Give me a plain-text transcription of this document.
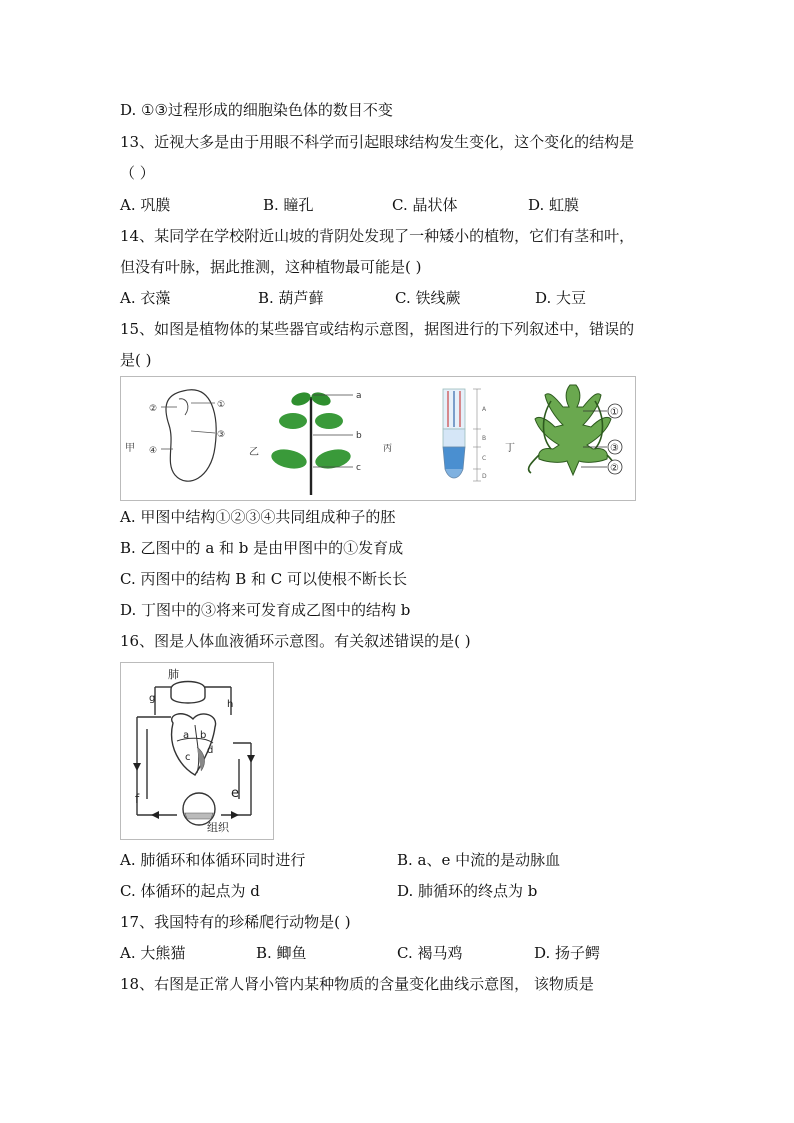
D. ①③过程形成的细胞染色体的数目不变
13、近视大多是由于用眼不科学而引起眼球结构发生变化，这个变化的结构是
（ ）
A. 巩膜	B. 瞳孔	C. 晶状体	D. 虹膜
14、某同学在学校附近山坡的背阴处发现了一种矮小的植物，它们有茎和叶，
但没有叶脉，据此推测，这种植物最可能是( )
A. 衣藻	B. 葫芦藓	C. 铁线蕨	D. 大豆
15、如图是植物体的某些器官或结构示意图，据图进行的下列叙述中，错误的
是( )
甲
①
②
③
④	乙
a
b
c
丙
A
B
C
D
丁
①
③
②
A. 甲图中结构①②③④共同组成种子的胚
B. 乙图中的 a 和 b 是由甲图中的①发育成
C. 丙图中的结构 B 和 C 可以使根不断长长
D. 丁图中的③将来可发育成乙图中的结构 b
16、图是人体血液循环示意图。有关叙述错误的是( )
肺
g
h
a b
c
d
e
f
组织
A. 肺循环和体循环同时进行	B. a、e 中流的是动脉血
C. 体循环的起点为 d	D. 肺循环的终点为 b
17、我国特有的珍稀爬行动物是( )
A. 大熊猫	B. 鲫鱼	C. 褐马鸡	D. 扬子鳄
18、右图是正常人肾小管内某种物质的含量变化曲线示意图， 该物质是
